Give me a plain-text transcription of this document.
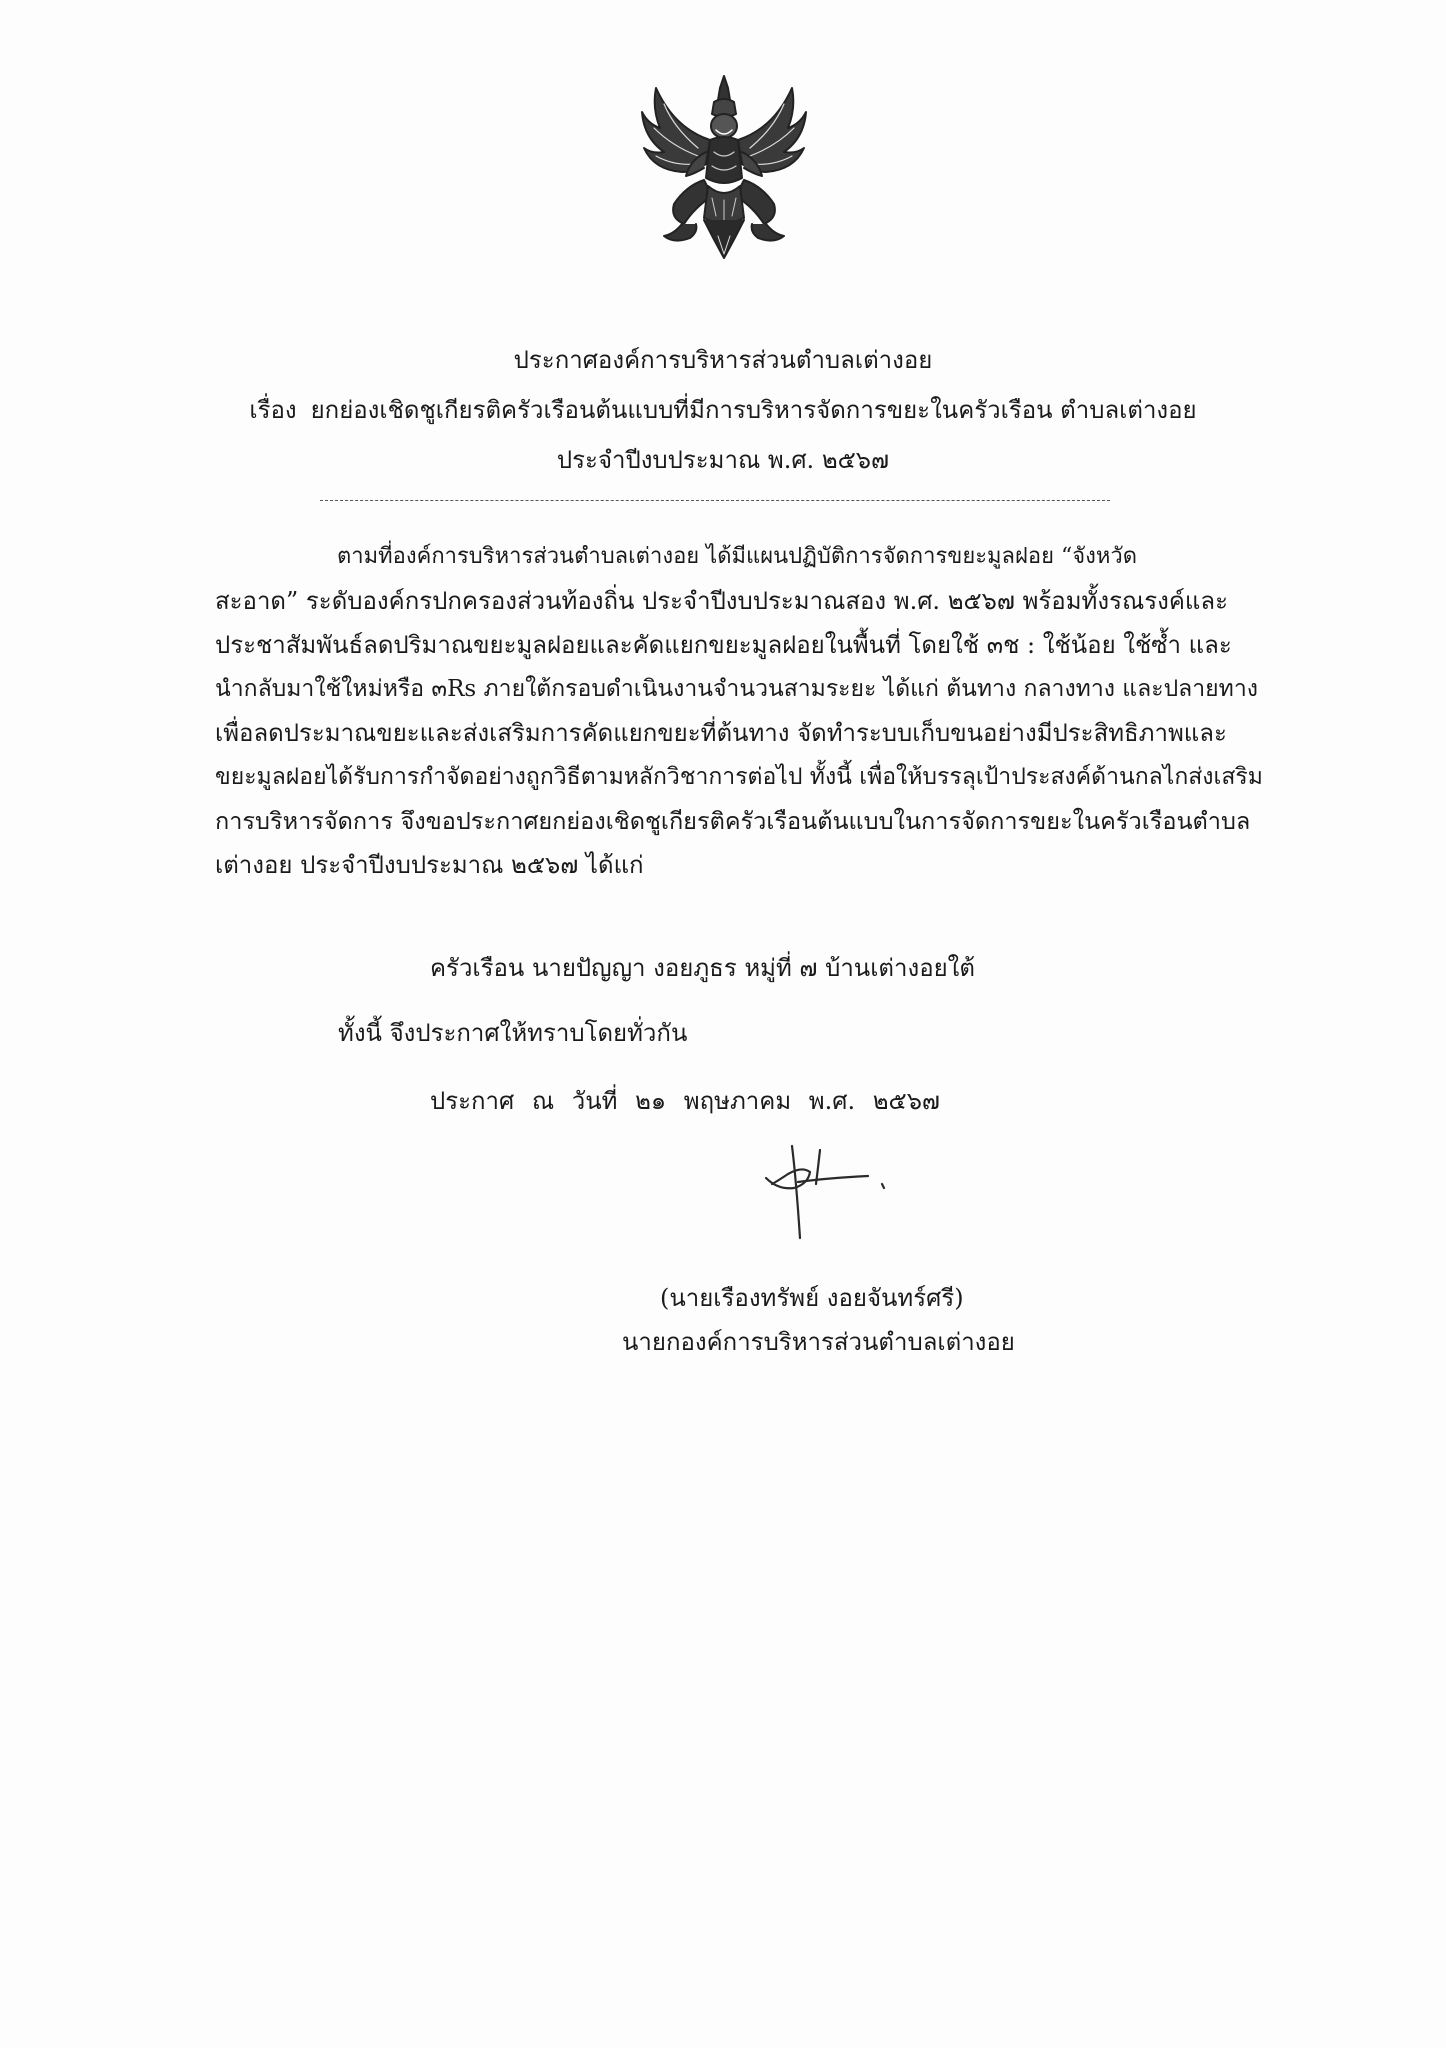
ประกาศองค์การบริหารส่วนตำบลเต่างอย
เรื่อง ยกย่องเชิดชูเกียรติครัวเรือนต้นแบบที่มีการบริหารจัดการขยะในครัวเรือน ตำบลเต่างอย
ประจำปีงบประมาณ พ.ศ. ๒๕๖๗
ตามที่องค์การบริหารส่วนตำบลเต่างอย ได้มีแผนปฏิบัติการจัดการขยะมูลฝอย “จังหวัด
สะอาด” ระดับองค์กรปกครองส่วนท้องถิ่น ประจำปีงบประมาณสอง พ.ศ. ๒๕๖๗ พร้อมทั้งรณรงค์และ
ประชาสัมพันธ์ลดปริมาณขยะมูลฝอยและคัดแยกขยะมูลฝอยในพื้นที่ โดยใช้ ๓ช : ใช้น้อย ใช้ซ้ำ และ
นำกลับมาใช้ใหม่หรือ ๓Rs ภายใต้กรอบดำเนินงานจำนวนสามระยะ ได้แก่ ต้นทาง กลางทาง และปลายทาง
เพื่อลดประมาณขยะและส่งเสริมการคัดแยกขยะที่ต้นทาง จัดทำระบบเก็บขนอย่างมีประสิทธิภาพและ
ขยะมูลฝอยได้รับการกำจัดอย่างถูกวิธีตามหลักวิชาการต่อไป ทั้งนี้ เพื่อให้บรรลุเป้าประสงค์ด้านกลไกส่งเสริม
การบริหารจัดการ จึงขอประกาศยกย่องเชิดชูเกียรติครัวเรือนต้นแบบในการจัดการขยะในครัวเรือนตำบล
เต่างอย ประจำปีงบประมาณ ๒๕๖๗ ได้แก่
ครัวเรือน นายปัญญา งอยภูธร หมู่ที่ ๗ บ้านเต่างอยใต้
ทั้งนี้ จึงประกาศให้ทราบโดยทั่วกัน
ประกาศ ณ วันที่ ๒๑ พฤษภาคม พ.ศ. ๒๕๖๗
(นายเรืองทรัพย์ งอยจันทร์ศรี)
นายกองค์การบริหารส่วนตำบลเต่างอย
